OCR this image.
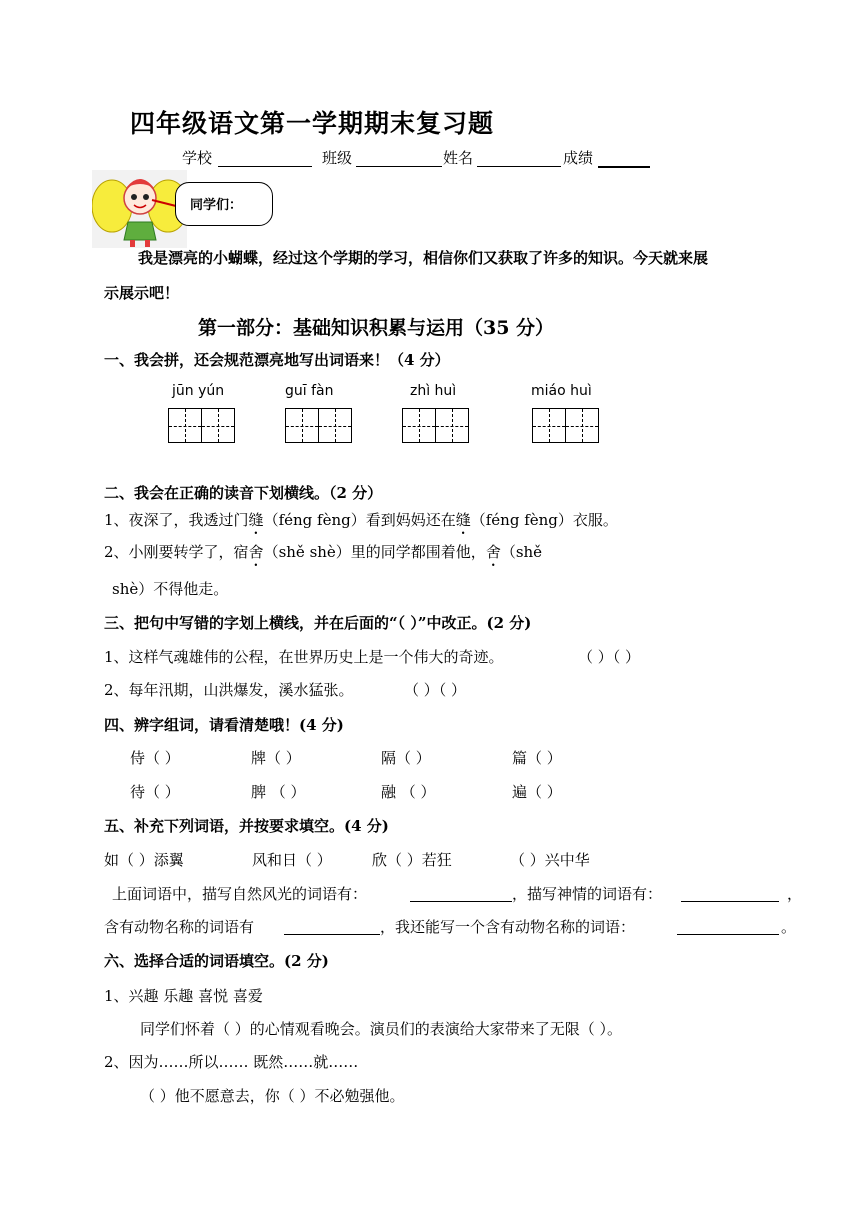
四年级语文第一学期期末复习题
学校	班级	姓名	成绩
同学们：
我是漂亮的小蝴蝶，经过这个学期的学习，相信你们又获取了许多的知识。今天就来展
示展示吧！
第一部分：基础知识积累与运用（35 分）
一、我会拼，还会规范漂亮地写出词语来！（4 分）
jūn yún	guī fàn	zhì huì	miáo huì
二、我会在正确的读音下划横线。（2 分）
1、夜深了，我透过门缝（féng fèng）看到妈妈还在缝（féng fèng）衣服。
2、小刚要转学了，宿舍（shě shè）里的同学都围着他，舍（shě
shè）不得他走。
三、把句中写错的字划上横线，并在后面的“（ ）”中改正。(2 分)
1、这样气魂雄伟的公程，在世界历史上是一个伟大的奇迹。	（ ）（ ）
2、每年汛期，山洪爆发，溪水猛张。	（ ）（ ）
四、辨字组词，请看清楚哦！(4 分)
侍（ ）	牌（ ）	隔（ ）	篇（ ）
待（ ）	脾 （ ）	融 （ ）	遍（ ）
五、补充下列词语，并按要求填空。(4 分)
如（ ）添翼	风和日（ ）	欣（ ）若狂	（ ）兴中华
上面词语中，描写自然风光的词语有：	，描写神情的词语有：	，
含有动物名称的词语有	，我还能写一个含有动物名称的词语：	。
六、选择合适的词语填空。(2 分)
1、兴趣 乐趣 喜悦 喜爱
同学们怀着（ ）的心情观看晚会。演员们的表演给大家带来了无限（ ）。
2、因为……所以…… 既然……就……
（ ）他不愿意去，你（ ）不必勉强他。
